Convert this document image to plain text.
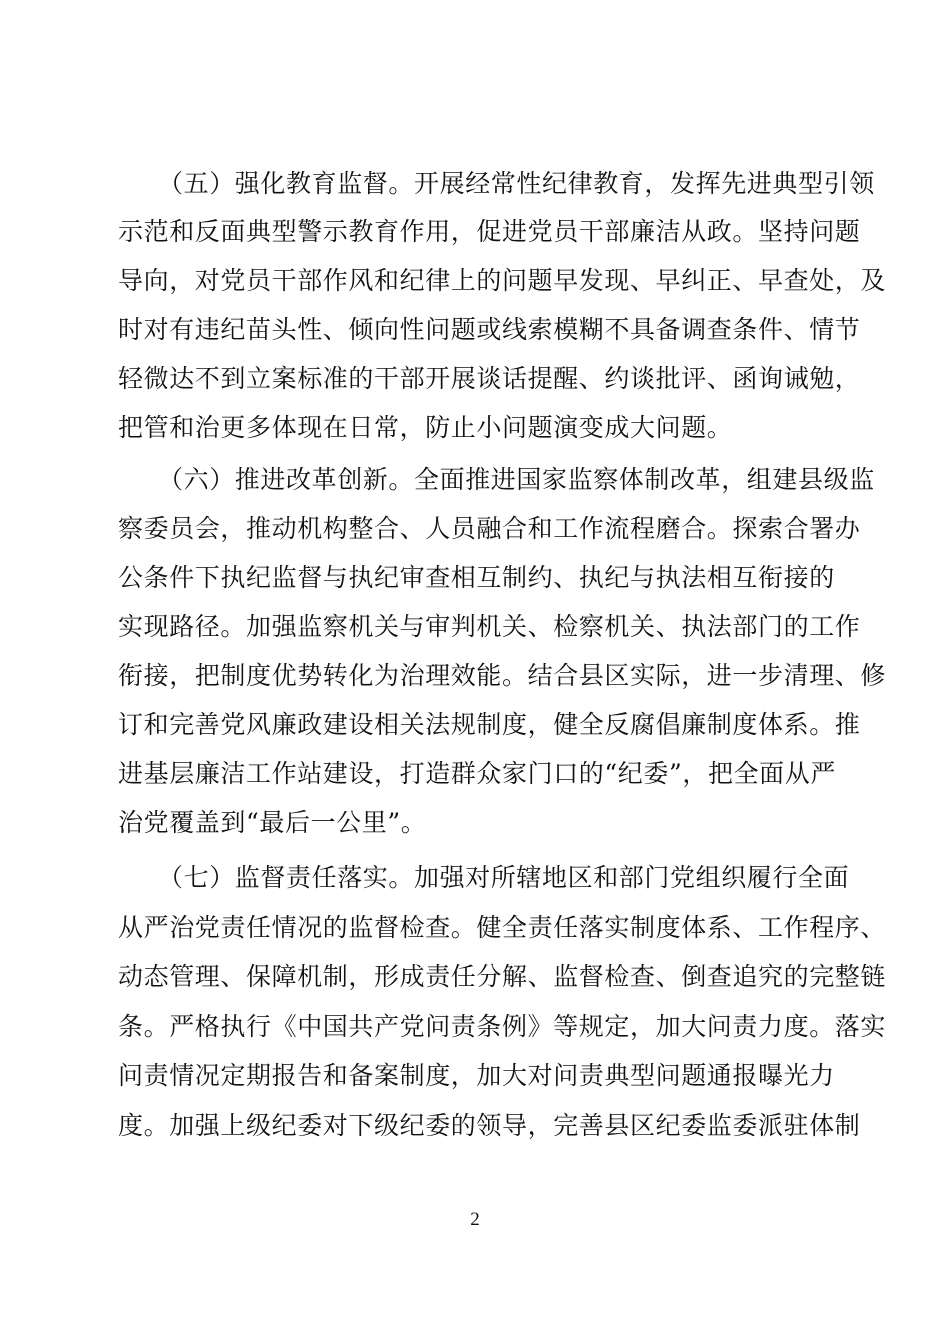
（五）强化教育监督。开展经常性纪律教育，发挥先进典型引领
示范和反面典型警示教育作用，促进党员干部廉洁从政。坚持问题
导向，对党员干部作风和纪律上的问题早发现、早纠正、早查处，及
时对有违纪苗头性、倾向性问题或线索模糊不具备调查条件、情节
轻微达不到立案标准的干部开展谈话提醒、约谈批评、函询诫勉，
把管和治更多体现在日常，防止小问题演变成大问题。
（六）推进改革创新。全面推进国家监察体制改革，组建县级监
察委员会，推动机构整合、人员融合和工作流程磨合。探索合署办
公条件下执纪监督与执纪审查相互制约、执纪与执法相互衔接的
实现路径。加强监察机关与审判机关、检察机关、执法部门的工作
衔接，把制度优势转化为治理效能。结合县区实际，进一步清理、修
订和完善党风廉政建设相关法规制度，健全反腐倡廉制度体系。推
进基层廉洁工作站建设，打造群众家门口的“纪委”，把全面从严
治党覆盖到“最后一公里”。
（七）监督责任落实。加强对所辖地区和部门党组织履行全面
从严治党责任情况的监督检查。健全责任落实制度体系、工作程序、
动态管理、保障机制，形成责任分解、监督检查、倒查追究的完整链
条。严格执行《中国共产党问责条例》等规定，加大问责力度。落实
问责情况定期报告和备案制度，加大对问责典型问题通报曝光力
度。加强上级纪委对下级纪委的领导，完善县区纪委监委派驻体制
2
